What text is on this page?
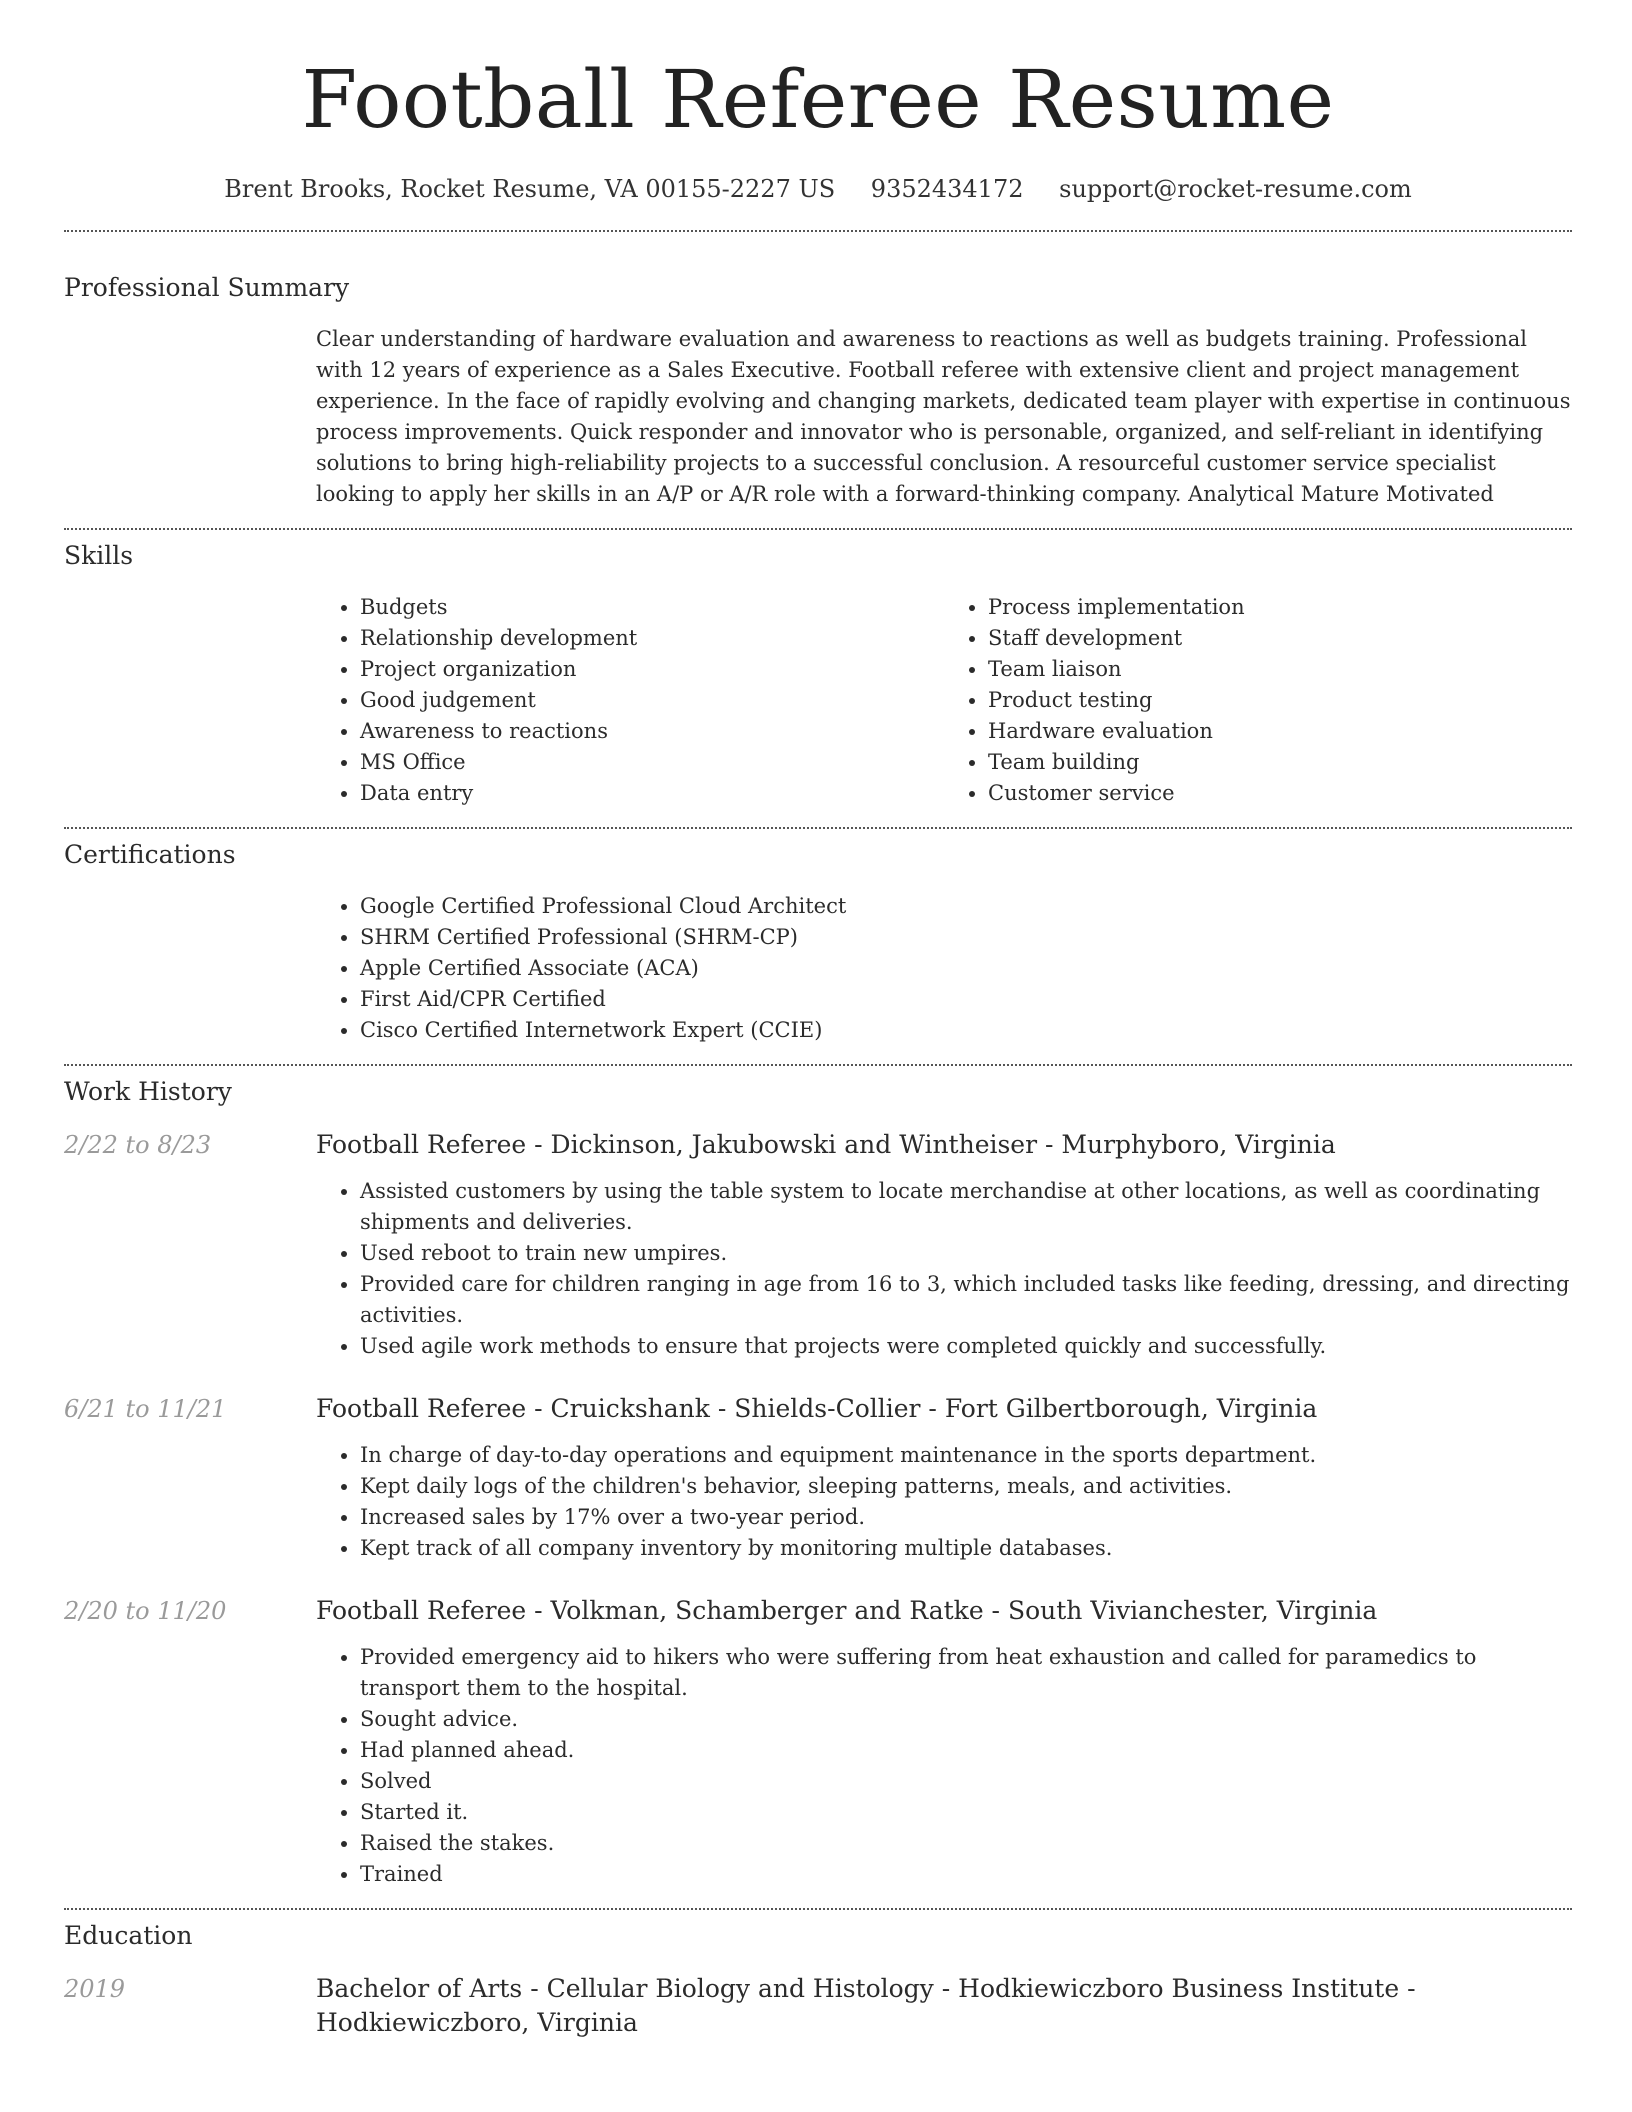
Football Referee Resume
Brent Brooks, Rocket Resume, VA 00155-2227 US 9352434172 support@rocket-resume.com
Professional Summary
Clear understanding of hardware evaluation and awareness to reactions as well as budgets training. Professional with 12 years of experience as a Sales Executive. Football referee with extensive client and project management experience. In the face of rapidly evolving and changing markets, dedicated team player with expertise in continuous process improvements. Quick responder and innovator who is personable, organized, and self-reliant in identifying solutions to bring high-reliability projects to a successful conclusion. A resourceful customer service specialist looking to apply her skills in an A/P or A/R role with a forward-thinking company. Analytical Mature Motivated
Skills
• Budgets
• Relationship development
• Project organization
• Good judgement
• Awareness to reactions
• MS Office
• Data entry
• Process implementation
• Staff development
• Team liaison
• Product testing
• Hardware evaluation
• Team building
• Customer service
Certifications
• Google Certified Professional Cloud Architect
• SHRM Certified Professional (SHRM-CP)
• Apple Certified Associate (ACA)
• First Aid/CPR Certified
• Cisco Certified Internetwork Expert (CCIE)
Work History
2/22 to 8/23	Football Referee - Dickinson, Jakubowski and Wintheiser - Murphyboro, Virginia
• Assisted customers by using the table system to locate merchandise at other locations, as well as coordinating shipments and deliveries.
• Used reboot to train new umpires.
• Provided care for children ranging in age from 16 to 3, which included tasks like feeding, dressing, and directing activities.
• Used agile work methods to ensure that projects were completed quickly and successfully.
6/21 to 11/21	Football Referee - Cruickshank - Shields-Collier - Fort Gilbertborough, Virginia
• In charge of day-to-day operations and equipment maintenance in the sports department.
• Kept daily logs of the children's behavior, sleeping patterns, meals, and activities.
• Increased sales by 17% over a two-year period.
• Kept track of all company inventory by monitoring multiple databases.
2/20 to 11/20	Football Referee - Volkman, Schamberger and Ratke - South Vivianchester, Virginia
• Provided emergency aid to hikers who were suffering from heat exhaustion and called for paramedics to transport them to the hospital.
• Sought advice.
• Had planned ahead.
• Solved
• Started it.
• Raised the stakes.
• Trained
Education
2019	Bachelor of Arts - Cellular Biology and Histology - Hodkiewiczboro Business Institute - Hodkiewiczboro, Virginia
